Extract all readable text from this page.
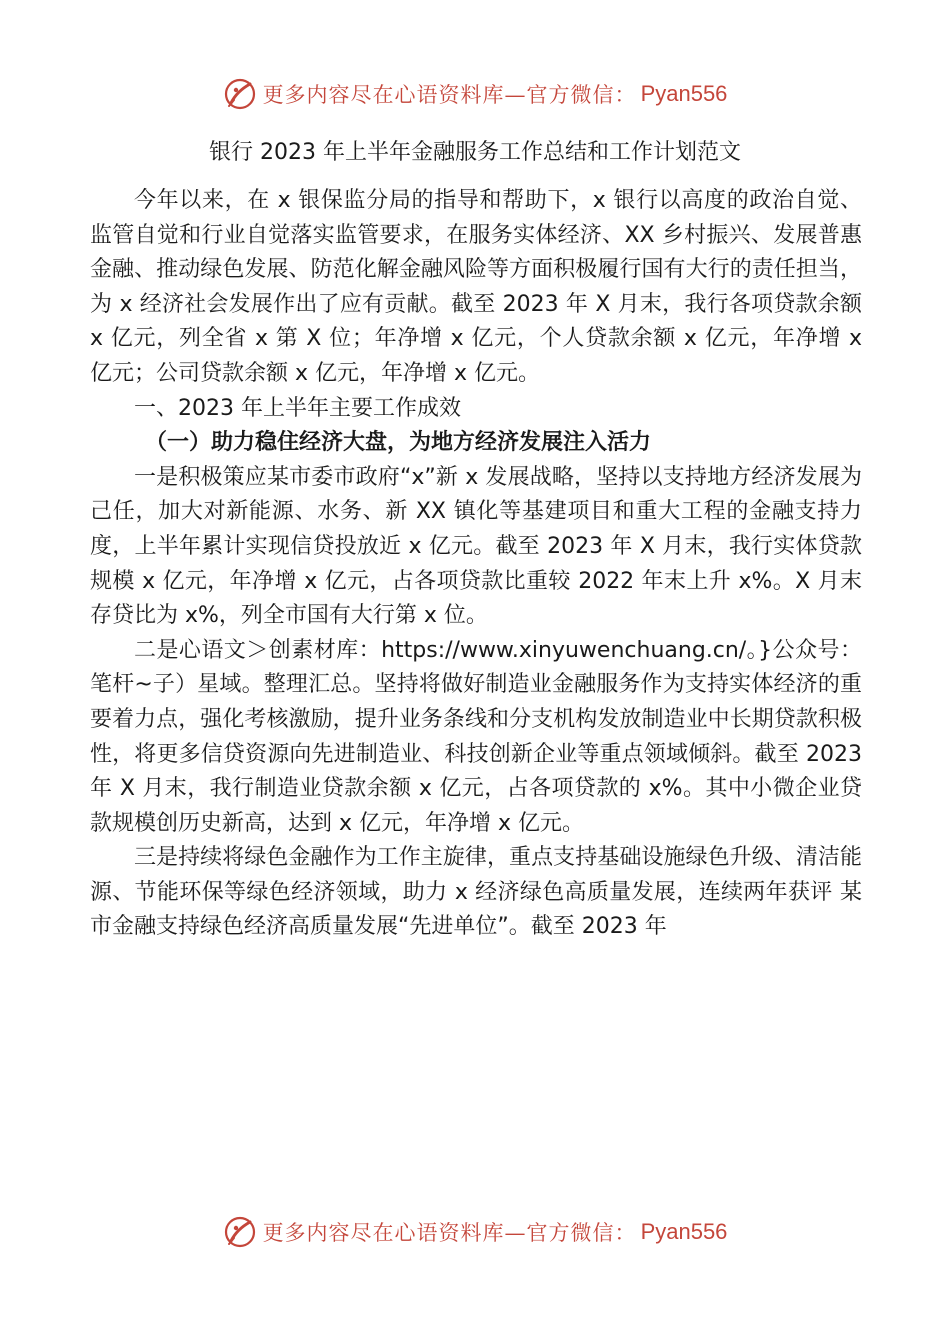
更多内容尽在心语资料库—官方微信： Pyan556
银行 2023 年上半年金融服务工作总结和工作计划范文

今年以来，在 x 银保监分局的指导和帮助下，x 银行以高度的政治自觉、监管自觉和行业自觉落实监管要求，在服务实体经济、XX 乡村振兴、发展普惠金融、推动绿色发展、防范化解金融风险等方面积极履行国有大行的责任担当，为 x 经济社会发展作出了应有贡献。截至 2023 年 X 月末，我行各项贷款余额 x 亿元，列全省 x 第 X 位；年净增 x 亿元，个人贷款余额 x 亿元，年净增 x 亿元；公司贷款余额 x 亿元，年净增 x 亿元。

一、2023 年上半年主要工作成效

（一）助力稳住经济大盘，为地方经济发展注入活力

一是积极策应某市委市政府“x”新 x 发展战略，坚持以支持地方经济发展为己任，加大对新能源、水务、新 XX 镇化等基建项目和重大工程的金融支持力度，上半年累计实现信贷投放近 x 亿元。截至 2023 年 X 月末，我行实体贷款规模 x 亿元，年净增 x 亿元，占各项贷款比重较 2022 年末上升 x%。X 月末存贷比为 x%，列全市国有大行第 x 位。

二是心语文＞创素材库：https://www.xinyuwenchuang.cn/。}公众号：笔杆~子）星域。整理汇总。坚持将做好制造业金融服务作为支持实体经济的重要着力点，强化考核激励，提升业务条线和分支机构发放制造业中长期贷款积极性，将更多信贷资源向先进制造业、科技创新企业等重点领域倾斜。截至 2023 年 X 月末，我行制造业贷款余额 x 亿元，占各项贷款的 x%。其中小微企业贷款规模创历史新高，达到 x 亿元，年净增 x 亿元。

三是持续将绿色金融作为工作主旋律，重点支持基础设施绿色升级、清洁能源、节能环保等绿色经济领域，助力 x 经济绿色高质量发展，连续两年获评 某市金融支持绿色经济高质量发展“先进单位”。截至 2023 年

更多内容尽在心语资料库—官方微信： Pyan556
